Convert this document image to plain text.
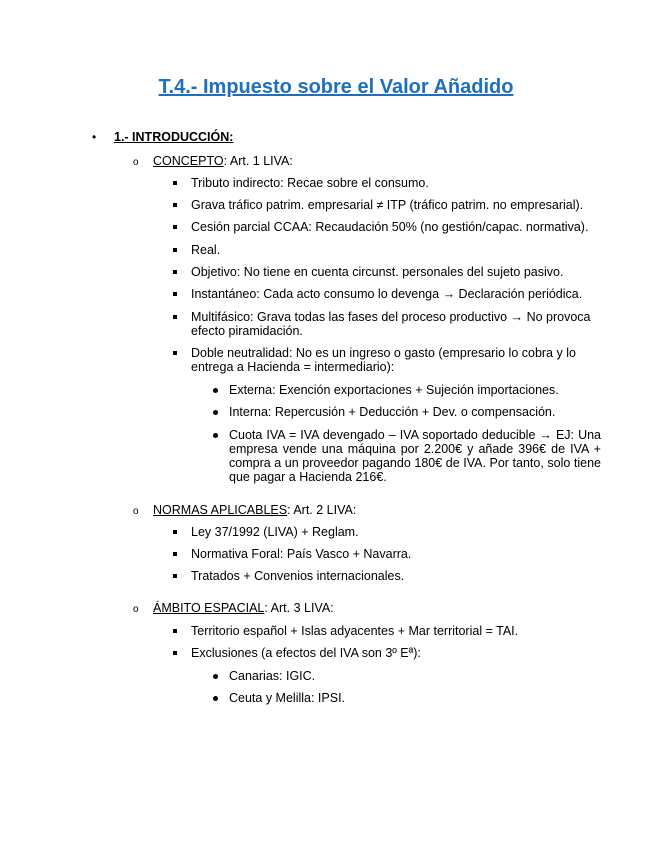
T.4.- Impuesto sobre el Valor Añadido
• 1.- INTRODUCCIÓN:
o CONCEPTO: Art. 1 LIVA:
Tributo indirecto: Recae sobre el consumo.
Grava tráfico patrim. empresarial ≠ ITP (tráfico patrim. no empresarial).
Cesión parcial CCAA: Recaudación 50% (no gestión/capac. normativa).
Real.
Objetivo: No tiene en cuenta circunst. personales del sujeto pasivo.
Instantáneo: Cada acto consumo lo devenga → Declaración periódica.
Multifásico: Grava todas las fases del proceso productivo → No provoca efecto piramidación.
Doble neutralidad: No es un ingreso o gasto (empresario lo cobra y lo entrega a Hacienda = intermediario):
Externa: Exención exportaciones + Sujeción importaciones.
Interna: Repercusión + Deducción + Dev. o compensación.
Cuota IVA = IVA devengado – IVA soportado deducible → EJ: Una empresa vende una máquina por 2.200€ y añade 396€ de IVA + compra a un proveedor pagando 180€ de IVA. Por tanto, solo tiene que pagar a Hacienda 216€.
o NORMAS APLICABLES: Art. 2 LIVA:
Ley 37/1992 (LIVA) + Reglam.
Normativa Foral: País Vasco + Navarra.
Tratados + Convenios internacionales.
o ÁMBITO ESPACIAL: Art. 3 LIVA:
Territorio español + Islas adyacentes + Mar territorial = TAI.
Exclusiones (a efectos del IVA son 3º Eª):
Canarias: IGIC.
Ceuta y Melilla: IPSI.
